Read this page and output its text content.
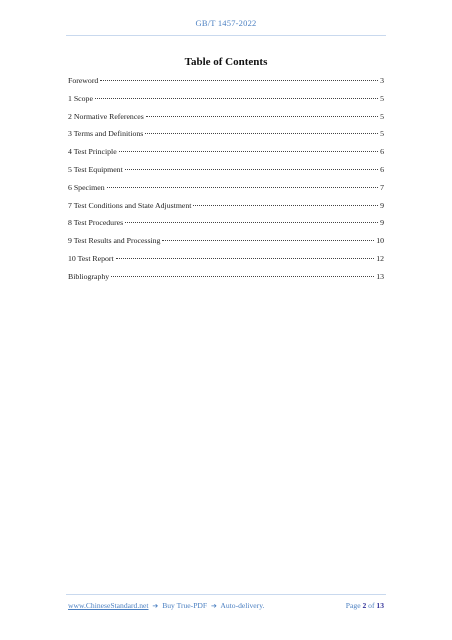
GB/T 1457-2022
Table of Contents
Foreword	3
1 Scope	5
2 Normative References	5
3 Terms and Definitions	5
4 Test Principle	6
5 Test Equipment	6
6 Specimen	7
7 Test Conditions and State Adjustment	9
8 Test Procedures	9
9 Test Results and Processing	10
10 Test Report	12
Bibliography	13
www.ChineseStandard.net ➔ Buy True-PDF ➔ Auto-delivery.	Page 2 of 13
